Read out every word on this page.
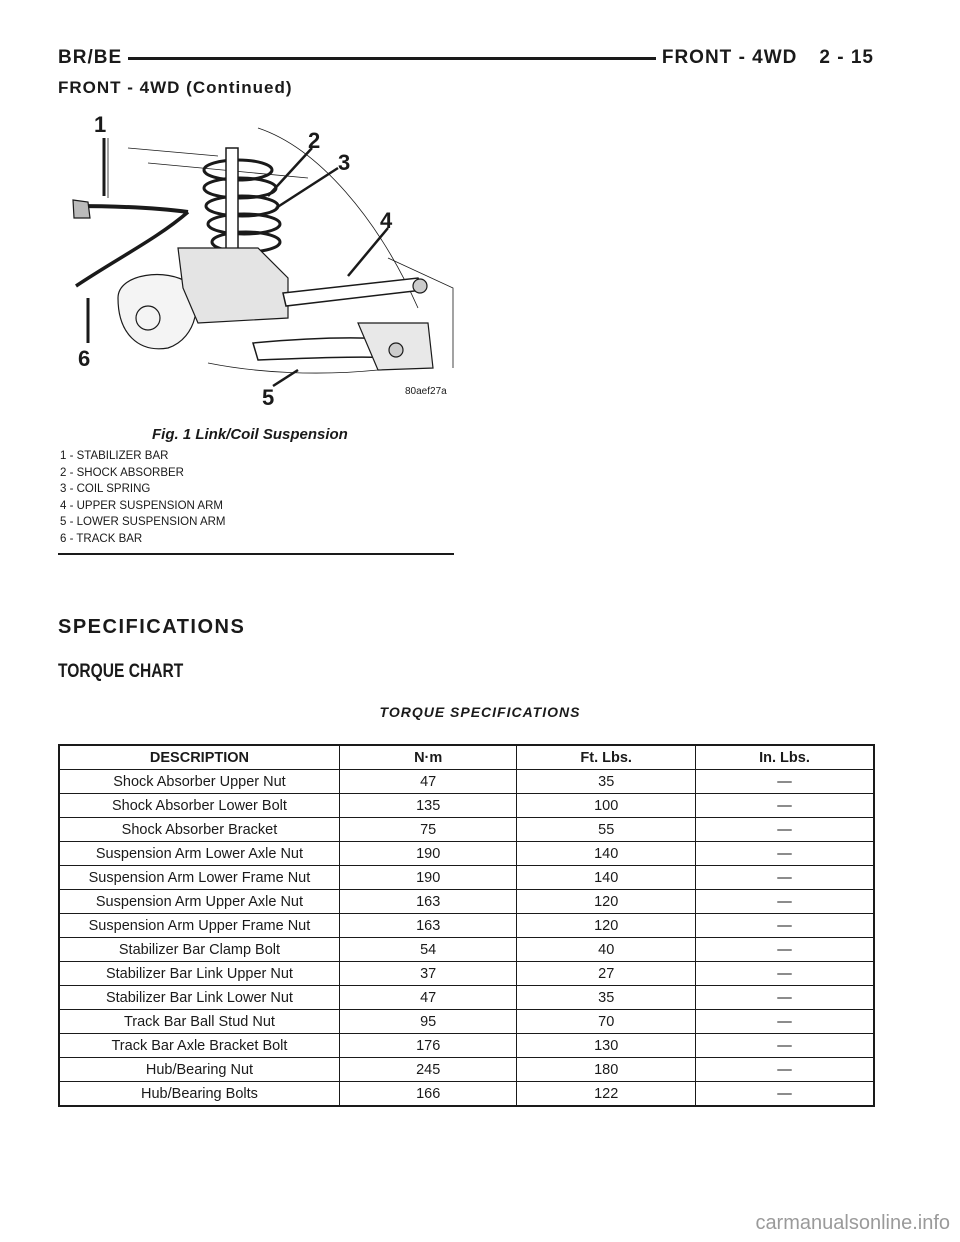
BR/BE	FRONT - 4WD 2 - 15
FRONT - 4WD (Continued)
1
2
3
4
5
6
80aef27a
Fig. 1 Link/Coil Suspension
1 - STABILIZER BAR
2 - SHOCK ABSORBER
3 - COIL SPRING
4 - UPPER SUSPENSION ARM
5 - LOWER SUSPENSION ARM
6 - TRACK BAR
SPECIFICATIONS
TORQUE CHART
TORQUE SPECIFICATIONS
DESCRIPTION	N·m	Ft. Lbs.	In. Lbs.
Shock Absorber Upper Nut	47	35	—
Shock Absorber Lower Bolt	135	100	—
Shock Absorber Bracket	75	55	—
Suspension Arm Lower Axle Nut	190	140	—
Suspension Arm Lower Frame Nut	190	140	—
Suspension Arm Upper Axle Nut	163	120	—
Suspension Arm Upper Frame Nut	163	120	—
Stabilizer Bar Clamp Bolt	54	40	—
Stabilizer Bar Link Upper Nut	37	27	—
Stabilizer Bar Link Lower Nut	47	35	—
Track Bar Ball Stud Nut	95	70	—
Track Bar Axle Bracket Bolt	176	130	—
Hub/Bearing Nut	245	180	—
Hub/Bearing Bolts	166	122	—
carmanualsonline.info
